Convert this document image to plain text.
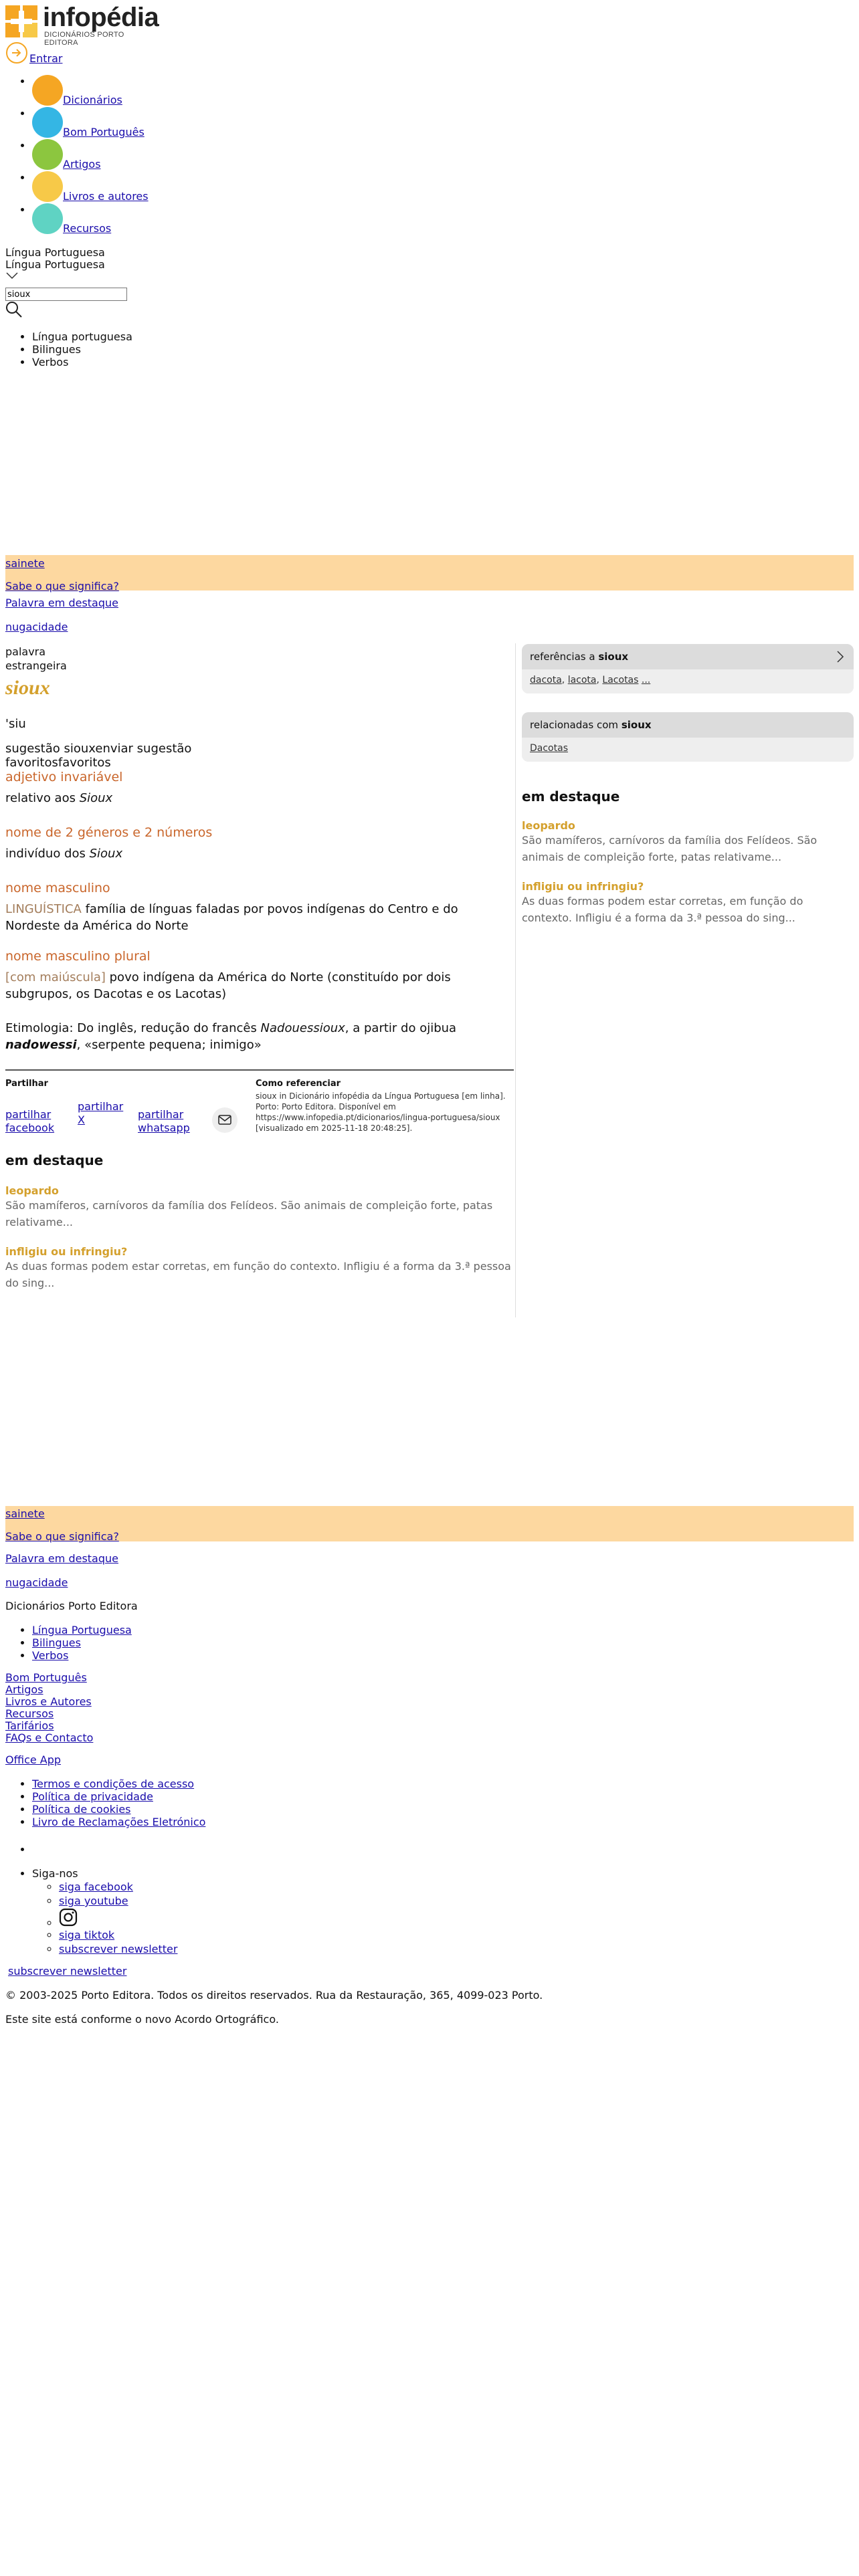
infopédia
DICIONÁRIOS PORTO EDITORA
Entrar
• Dicionários
• Bom Português
• Artigos
• Livros e autores
• Recursos
Língua Portuguesa
Língua Portuguesa
sioux
• Língua portuguesa
• Bilingues
• Verbos
sainete
Sabe o que significa?
Palavra em destaque
nugacidade
palavra estrangeira
sioux
'siu
sugestão siouxenviar sugestão
favoritosfavoritos
adjetivo invariável
relativo aos Sioux
nome de 2 géneros e 2 números
indivíduo dos Sioux
nome masculino
LINGUÍSTICA família de línguas faladas por povos indígenas do Centro e do Nordeste da América do Norte
nome masculino plural
[com maiúscula] povo indígena da América do Norte (constituído por dois subgrupos, os Dacotas e os Lacotas)
Etimologia: Do inglês, redução do francês Nadouessioux, a partir do ojibua nadowessi, «serpente pequena; inimigo»
Partilhar
partilhar facebook
partilhar X	partilhar whatsapp
Como referenciar
sioux in Dicionário infopédia da Língua Portuguesa [em linha]. Porto: Porto Editora. Disponível em https://www.infopedia.pt/dicionarios/lingua-portuguesa/sioux [visualizado em 2025-11-18 20:48:25].
em destaque
leopardo
São mamíferos, carnívoros da família dos Felídeos. São animais de compleição forte, patas relativame...
infligiu ou infringiu?
As duas formas podem estar corretas, em função do contexto. Infligiu é a forma da 3.ª pessoa do sing...
referências a sioux
dacota, lacota, Lacotas ...
relacionadas com sioux
Dacotas
em destaque
leopardo
São mamíferos, carnívoros da família dos Felídeos. São animais de compleição forte, patas relativame...
infligiu ou infringiu?
As duas formas podem estar corretas, em função do contexto. Infligiu é a forma da 3.ª pessoa do sing...
sainete
Sabe o que significa?
Palavra em destaque
nugacidade
Dicionários Porto Editora
• Língua Portuguesa
• Bilingues
• Verbos
Bom Português
Artigos
Livros e Autores
Recursos
Tarifários
FAQs e Contacto
Office App
• Termos e condições de acesso
• Política de privacidade
• Política de cookies
• Livro de Reclamações Eletrónico
•
• Siga-nos
◦ siga facebook
◦ siga youtube
◦
◦ siga tiktok
◦ subscrever newsletter
subscrever newsletter
© 2003-2025 Porto Editora. Todos os direitos reservados. Rua da Restauração, 365, 4099-023 Porto.
Este site está conforme o novo Acordo Ortográfico.
